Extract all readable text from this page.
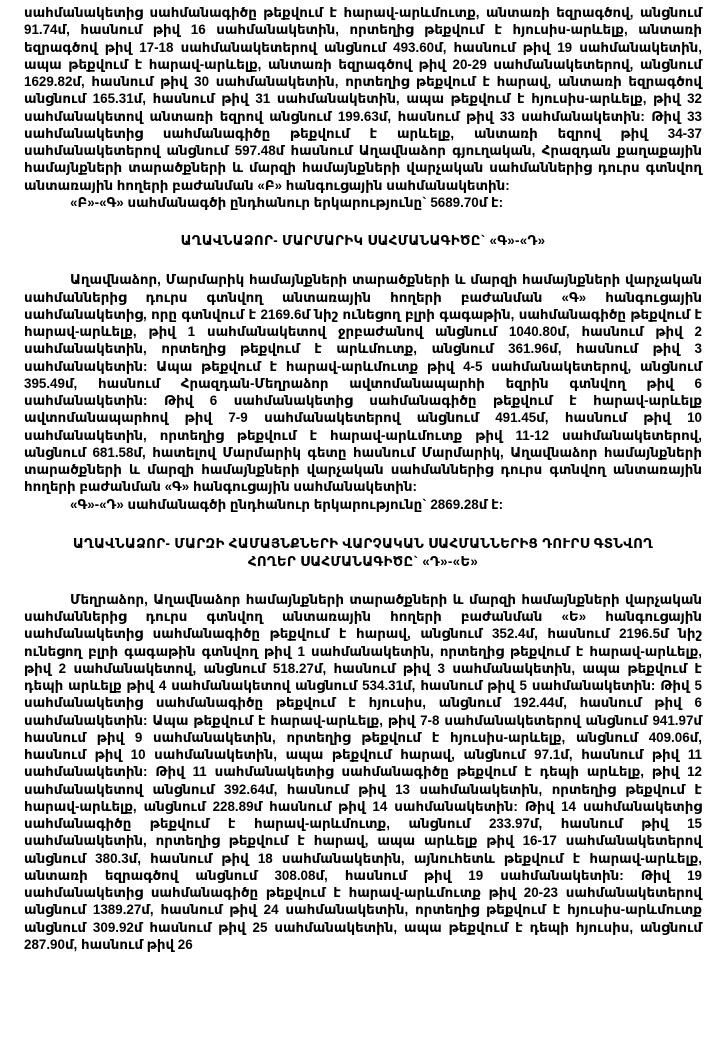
սահմանակետից սահմանագիծը թեքվում է հարավ-արևմուտք, անտառի եզրագծով, անցնում 91.74մ, հասնում թիվ 16 սահմանակետին, որտեղից թեքվում է հյուսիս-արևելք, անտառի եզրագծով թիվ 17-18 սահմանակետերով անցնում 493.60մ, հասնում թիվ 19 սահմանակետին, ապա թեքվում է հարավ-արևելք, անտառի եզրագծով թիվ 20-29 սահմանակետերով, անցնում 1629.82մ, հասնում թիվ 30 սահմանակետին, որտեղից թեքվում է հարավ, անտառի եզրագծով անցնում 165.31մ, հասնում թիվ 31 սահմանակետին, ապա թեքվում է հյուսիս-արևելք, թիվ 32 սահմանակետով անտառի եզրով անցնում 199.63մ, հասնում թիվ 33 սահմանակետին: Թիվ 33 սահմանակետից սահմանագիծը թեքվում է արևելք, անտառի եզրով թիվ 34-37 սահմանակետերով անցնում 597.48մ հասնում Աղավնաձոր գյուղական, Հրազդան քաղաքային համայնքների տարածքների և մարզի համայնքների վարչական սահմաններից դուրս գտնվող անտառային հողերի բաժանման «Բ» հանգուցային սահմանակետին:

«Բ»-«Գ» սահմանագծի ընդհանուր երկարությունը` 5689.70մ է:

ԱՂԱՎՆԱՁՈՐ- ՄԱՐՄԱՐԻԿ ՍԱՀՄԱՆԱԳԻԾԸ` «Գ»-«Դ»

Աղավնաձոր, Մարմարիկ համայնքների տարածքների և մարզի համայնքների վարչական սահմաններից դուրս գտնվող անտառային հողերի բաժանման «Գ» հանգուցային սահմանակետից, որը գտնվում է 2169.6մ նիշ ունեցող բլրի գագաթին, սահմանագիծը թեքվում է հարավ-արևելք, թիվ 1 սահմանակետով ջրբաժանով անցնում 1040.80մ, հասնում թիվ 2 սահմանակետին, որտեղից թեքվում է արևմուտք, անցնում 361.96մ, հասնում թիվ 3 սահմանակետին: Ապա թեքվում է հարավ-արևմուտք թիվ 4-5 սահմանակետերով, անցնում 395.49մ, հասնում Հրազդան-Մեղրաձոր ավտոմանապարհի եզրին գտնվող թիվ 6 սահմանակետին: Թիվ 6 սահմանակետից սահմանագիծը թեքվում է հարավ-արևելք ավտոմանապարհով թիվ 7-9 սահմանակետերով անցնում 491.45մ, հասնում թիվ 10 սահմանակետին, որտեղից թեքվում է հարավ-արևմուտք թիվ 11-12 սահմանակետերով, անցնում 681.58մ, հատելով Մարմարիկ գետը հասնում Մարմարիկ, Աղավնաձոր համայնքների տարածքների և մարզի համայնքների վարչական սահմաններից դուրս գտնվող անտառային հողերի բաժանման «Գ» հանգուցային սահմանակետին:

«Գ»-«Դ» սահմանագծի ընդհանուր երկարությունը` 2869.28մ է:

ԱՂԱՎՆԱՁՈՐ- ՄԱՐԶԻ ՀԱՄԱՅՆՔՆԵՐԻ ՎԱՐՉԱԿԱՆ ՍԱՀՄԱՆՆԵՐԻՑ ԴՈՒՐՍ ԳՏՆՎՈՂ
ՀՈՂԵՐ ՍԱՀՄԱՆԱԳԻԾԸ` «Դ»-«Ե»

Մեղրաձոր, Աղավնաձոր համայնքների տարածքների և մարզի համայնքների վարչական սահմաններից դուրս գտնվող անտառային հողերի բաժանման «Ե» հանգուցային սահմանակետից սահմանագիծը թեքվում է հարավ, անցնում 352.4մ, հասնում 2196.5մ նիշ ունեցող բլրի գագաթին գտնվող թիվ 1 սահմանակետին, որտեղից թեքվում է հարավ-արևելք, թիվ 2 սահմանակետով, անցնում 518.27մ, հասնում թիվ 3 սահմանակետին, ապա թեքվում է դեպի արևելք թիվ 4 սահմանակետով անցնում 534.31մ, հասնում թիվ 5 սահմանակետին: Թիվ 5 սահմանակետից սահմանագիծը թեքվում է հյուսիս, անցնում 192.44մ, հասնում թիվ 6 սահմանակետին: Ապա թեքվում է հարավ-արևելք, թիվ 7-8 սահմանակետերով անցնում 941.97մ հասնում թիվ 9 սահմանակետին, որտեղից թեքվում է հյուսիս-արևելք, անցնում 409.06մ, հասնում թիվ 10 սահմանակետին, ապա թեքվում հարավ, անցնում 97.1մ, հասնում թիվ 11 սահմանակետին: Թիվ 11 սահմանակետից սահմանագիծը թեքվում է դեպի արևելք, թիվ 12 սահմանակետով անցնում 392.64մ, հասնում թիվ 13 սահմանակետին, որտեղից թեքվում է հարավ-արևելք, անցնում 228.89մ հասնում թիվ 14 սահմանակետին: Թիվ 14 սահմանակետից սահմանագիծը թեքվում է հարավ-արևմուտք, անցնում 233.97մ, հասնում թիվ 15 սահմանակետին, որտեղից թեքվում է հարավ, ապա արևելք թիվ 16-17 սահմանակետերով անցնում 380.3մ, հասնում թիվ 18 սահմանակետին, այնուհետև թեքվում է հարավ-արևելք, անտառի եզրագծով անցնում 308.08մ, հասնում թիվ 19 սահմանակետին: Թիվ 19 սահմանակետից սահմանագիծը թեքվում է հարավ-արևմուտք թիվ 20-23 սահմանակետերով անցնում 1389.27մ, հասնում թիվ 24 սահմանակետին, որտեղից թեքվում է հյուսիս-արևմուտք անցնում 309.92մ հասնում թիվ 25 սահմանակետին, ապա թեքվում է դեպի հյուսիս, անցնում 287.90մ, հասնում թիվ 26
